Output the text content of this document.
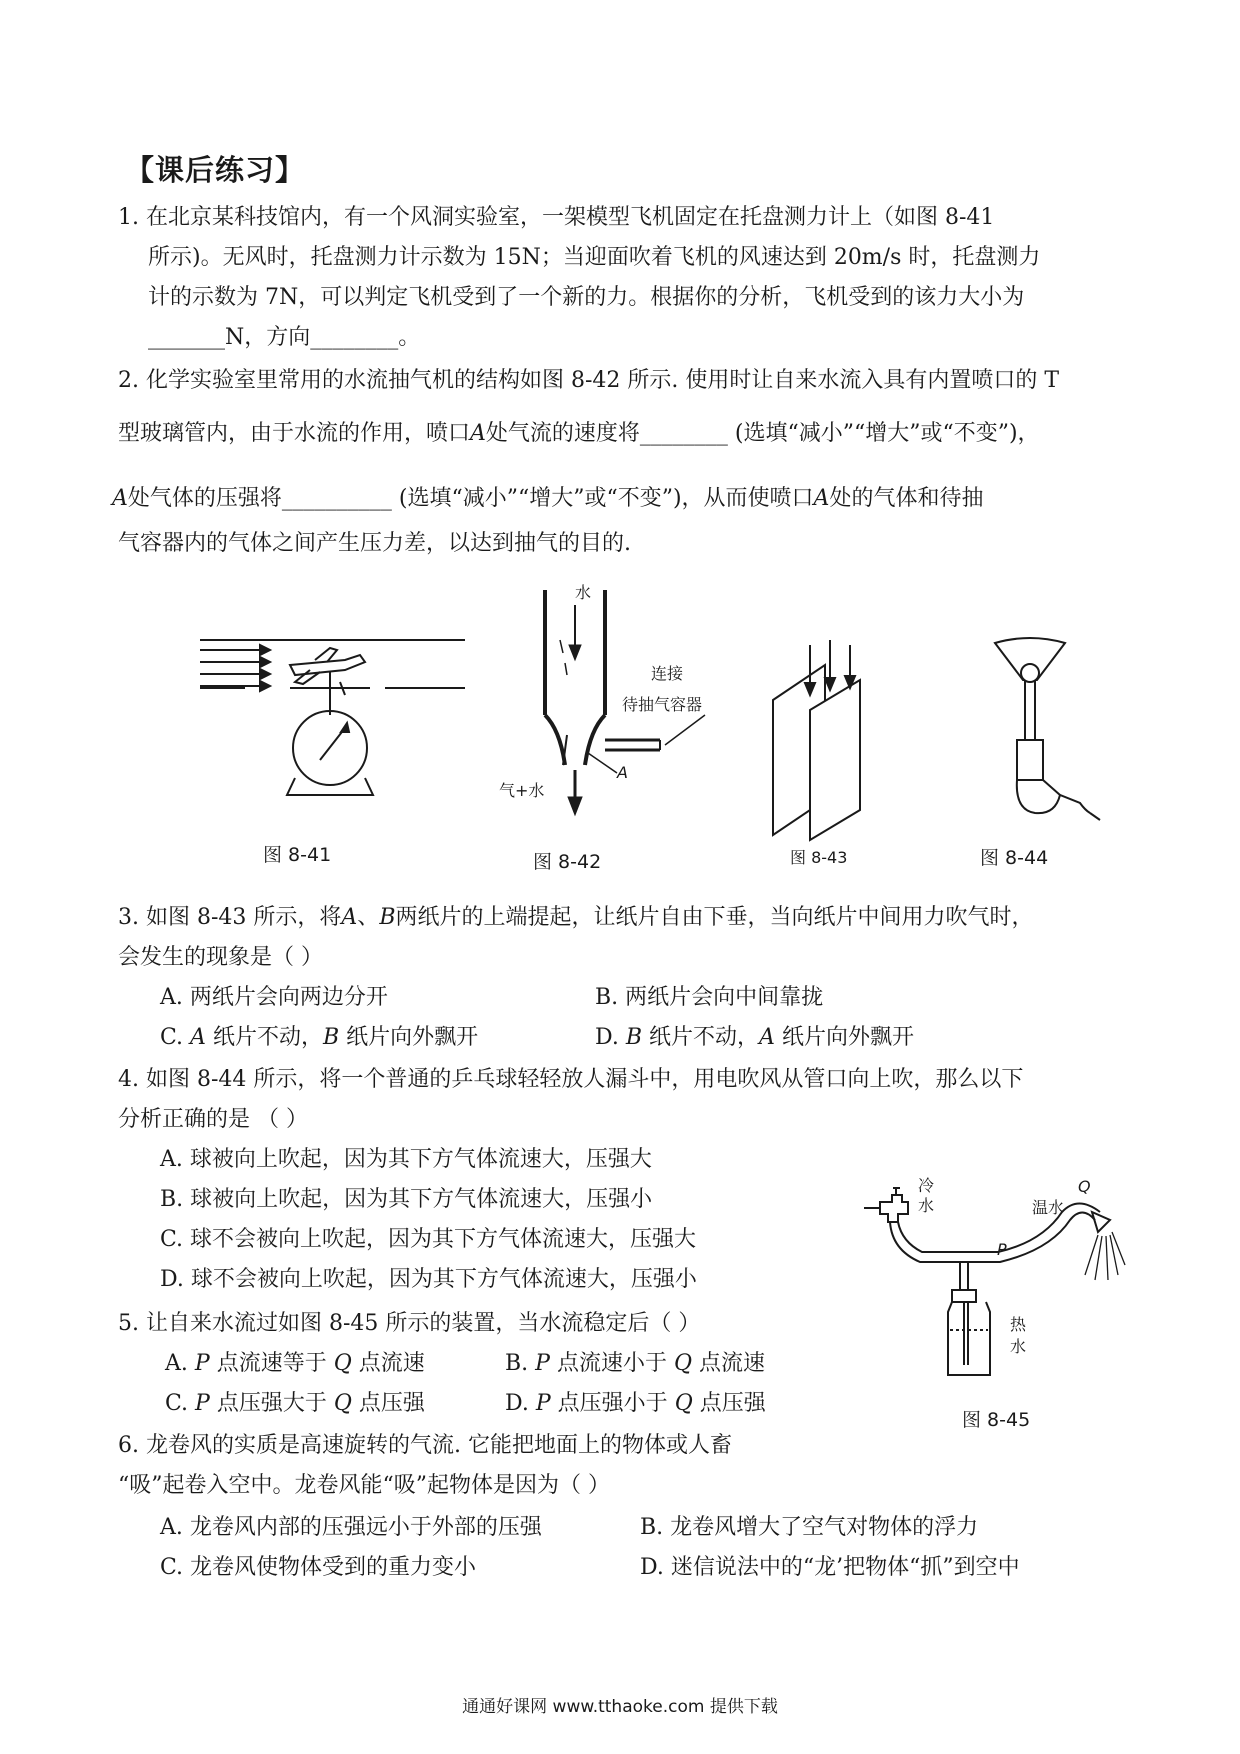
【课后练习】
1. 在北京某科技馆内，有一个风洞实验室，一架模型飞机固定在托盘测力计上（如图 8-41
所示)。无风时，托盘测力计示数为 15N；当迎面吹着飞机的风速达到 20m/s 时，托盘测力
计的示数为 7N，可以判定飞机受到了一个新的力。根据你的分析，飞机受到的该力大小为
_______N，方向________。
2. 化学实验室里常用的水流抽气机的结构如图 8-42 所示. 使用时让自来水流入具有内置喷口的 T
型玻璃管内，由于水流的作用，喷口A处气流的速度将________ (选填“减小”“增大”或“不变”)，
A处气体的压强将__________ (选填“减小”“增大”或“不变”)，从而使喷口A处的气体和待抽
气容器内的气体之间产生压力差，以达到抽气的目的.
图 8-41
水
连接
待抽气容器
气+水
A
图 8-42	图 8-43	图 8-44
3. 如图 8-43 所示，将A、B两纸片的上端提起，让纸片自由下垂，当向纸片中间用力吹气时，
会发生的现象是（ ）
A. 两纸片会向两边分开	B. 两纸片会向中间靠拢
C. A 纸片不动，B 纸片向外飘开	D. B 纸片不动，A 纸片向外飘开
4. 如图 8-44 所示，将一个普通的乒乓球轻轻放人漏斗中，用电吹风从管口向上吹，那么以下
分析正确的是 （ ）
A. 球被向上吹起，因为其下方气体流速大，压强大
B. 球被向上吹起，因为其下方气体流速大，压强小
C. 球不会被向上吹起，因为其下方气体流速大，压强大
D. 球不会被向上吹起，因为其下方气体流速大，压强小
冷
水	温水
Q
P
热
水
图 8-45
5. 让自来水流过如图 8-45 所示的装置，当水流稳定后（ ）
A. P 点流速等于 Q 点流速	B. P 点流速小于 Q 点流速
C. P 点压强大于 Q 点压强	D. P 点压强小于 Q 点压强
6. 龙卷风的实质是高速旋转的气流. 它能把地面上的物体或人畜
“吸”起卷入空中。龙卷风能“吸”起物体是因为（ ）
A. 龙卷风内部的压强远小于外部的压强	B. 龙卷风增大了空气对物体的浮力
C. 龙卷风使物体受到的重力变小	D. 迷信说法中的“龙’把物体“抓”到空中
通通好课网 www.tthaoke.com 提供下载
